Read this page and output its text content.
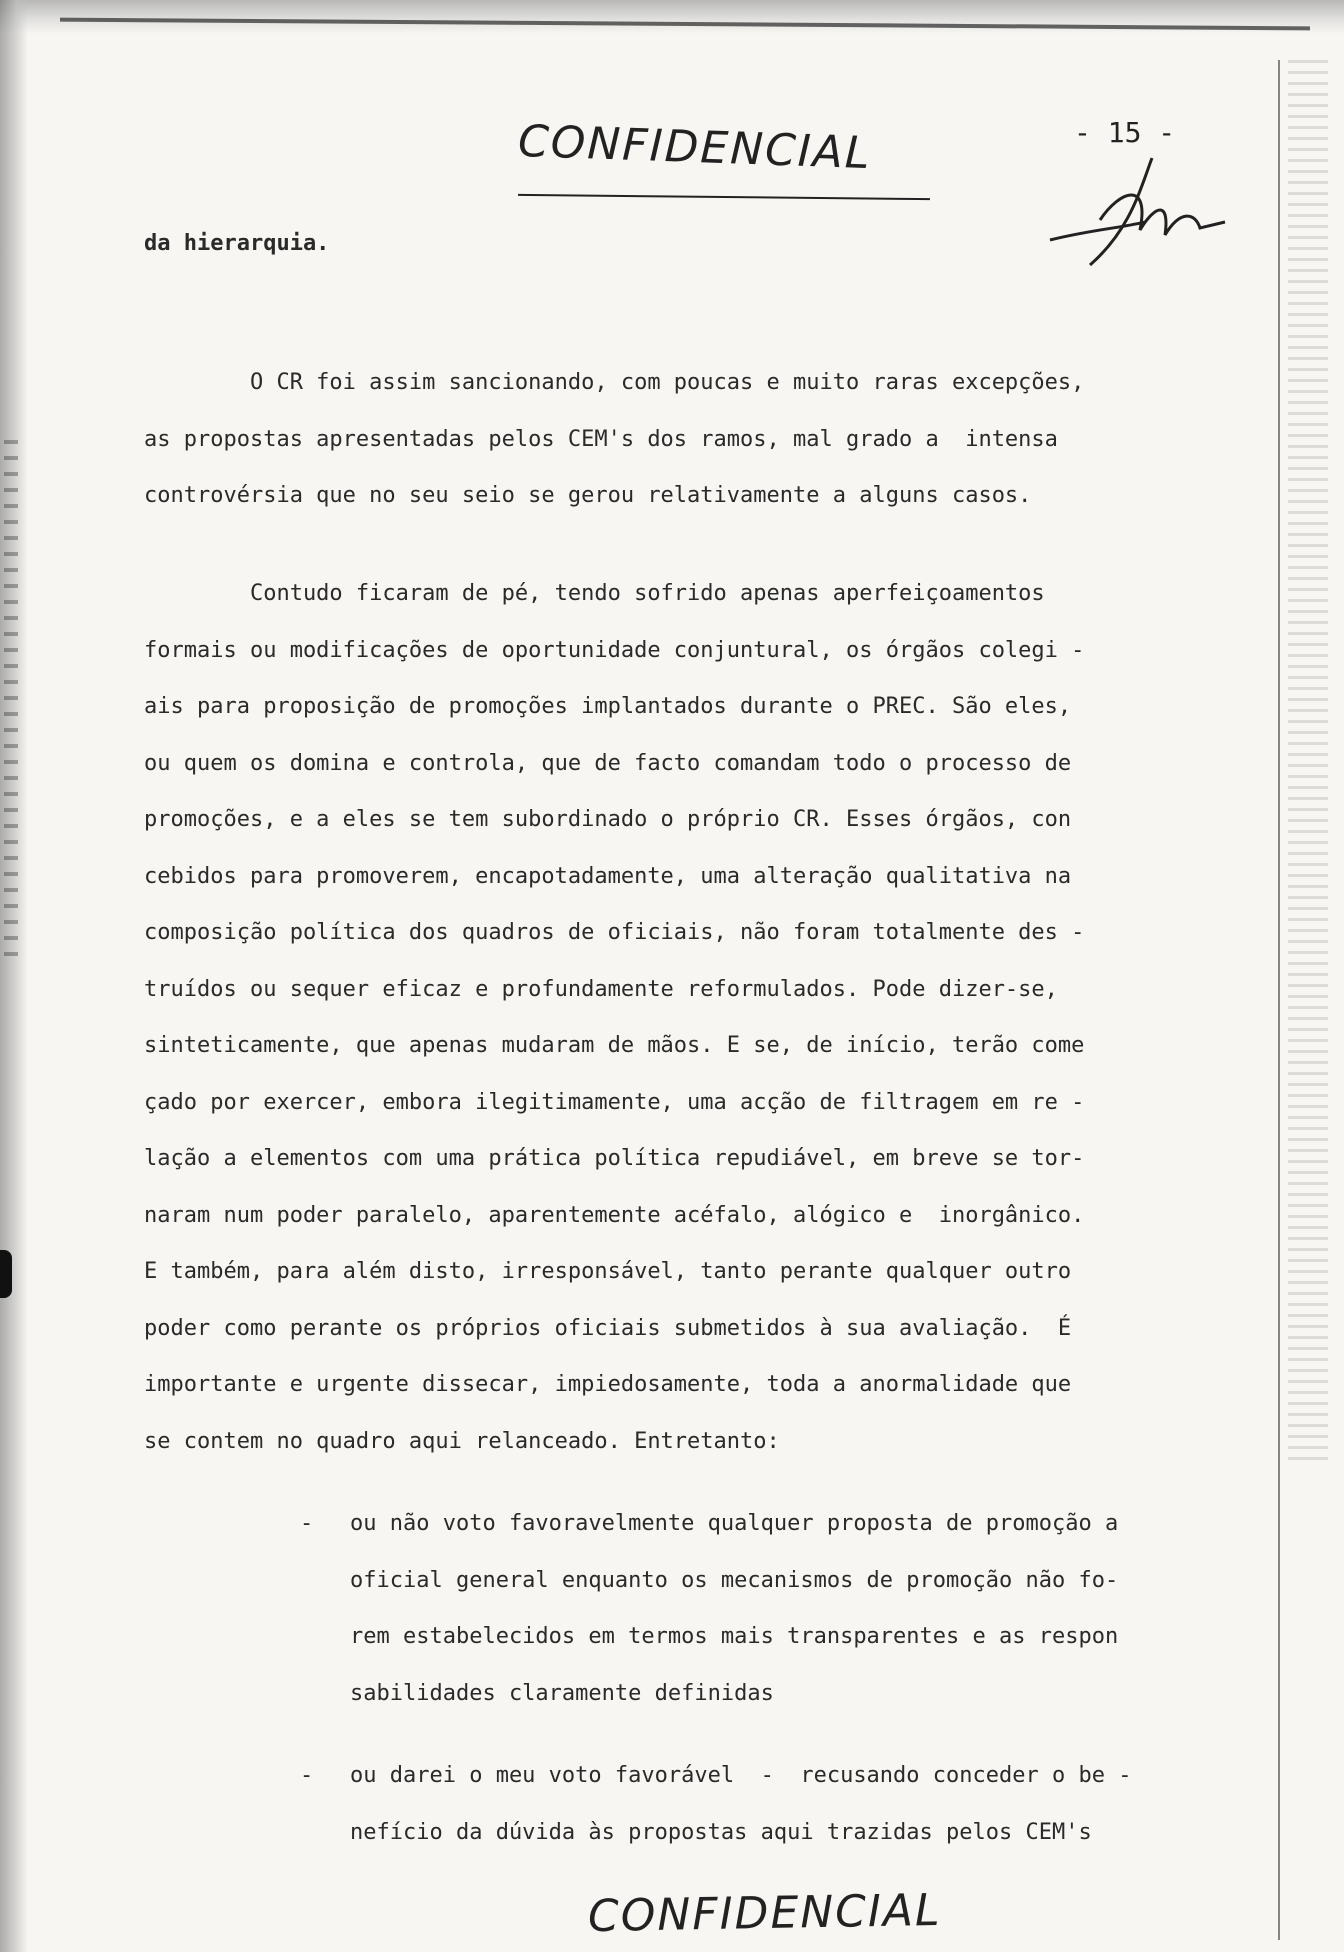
CONFIDENCIAL	- 15 -
da hierarquia.
O CR foi assim sancionando, com poucas e muito raras excepções,
as propostas apresentadas pelos CEM's dos ramos, mal grado a  intensa
controvérsia que no seu seio se gerou relativamente a alguns casos.
Contudo ficaram de pé, tendo sofrido apenas aperfeiçoamentos
formais ou modificações de oportunidade conjuntural, os órgãos colegi -
ais para proposição de promoções implantados durante o PREC. São eles,
ou quem os domina e controla, que de facto comandam todo o processo de
promoções, e a eles se tem subordinado o próprio CR. Esses órgãos, con
cebidos para promoverem, encapotadamente, uma alteração qualitativa na
composição política dos quadros de oficiais, não foram totalmente des -
truídos ou sequer eficaz e profundamente reformulados. Pode dizer-se,
sinteticamente, que apenas mudaram de mãos. E se, de início, terão come
çado por exercer, embora ilegitimamente, uma acção de filtragem em re -
lação a elementos com uma prática política repudiável, em breve se tor-
naram num poder paralelo, aparentemente acéfalo, alógico e  inorgânico.
E também, para além disto, irresponsável, tanto perante qualquer outro
poder como perante os próprios oficiais submetidos à sua avaliação.  É
importante e urgente dissecar, impiedosamente, toda a anormalidade que
se contem no quadro aqui relanceado. Entretanto:
- ou não voto favoravelmente qualquer proposta de promoção a
oficial general enquanto os mecanismos de promoção não fo-
rem estabelecidos em termos mais transparentes e as respon
sabilidades claramente definidas
- ou darei o meu voto favorável  -  recusando conceder o be -
nefício da dúvida às propostas aqui trazidas pelos CEM's
CONFIDENCIAL
